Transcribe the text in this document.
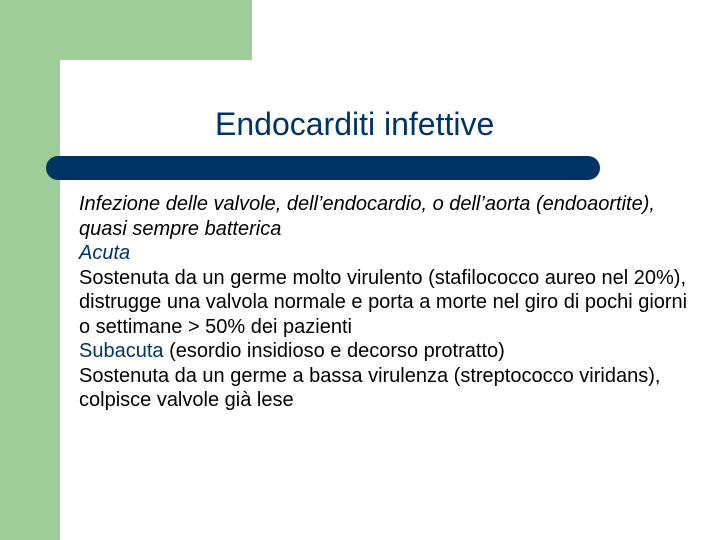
Endocarditi infettive

Infezione delle valvole, dell’endocardio, o dell’aorta (endoaortite), quasi sempre batterica

Acuta

Sostenuta da un germe molto virulento (stafilococco aureo nel 20%), distrugge una valvola normale e porta a morte nel giro di pochi giorni o settimane > 50% dei pazienti

Subacuta (esordio insidioso e decorso protratto)

Sostenuta da un germe a bassa virulenza (streptococco viridans), colpisce valvole già lese
